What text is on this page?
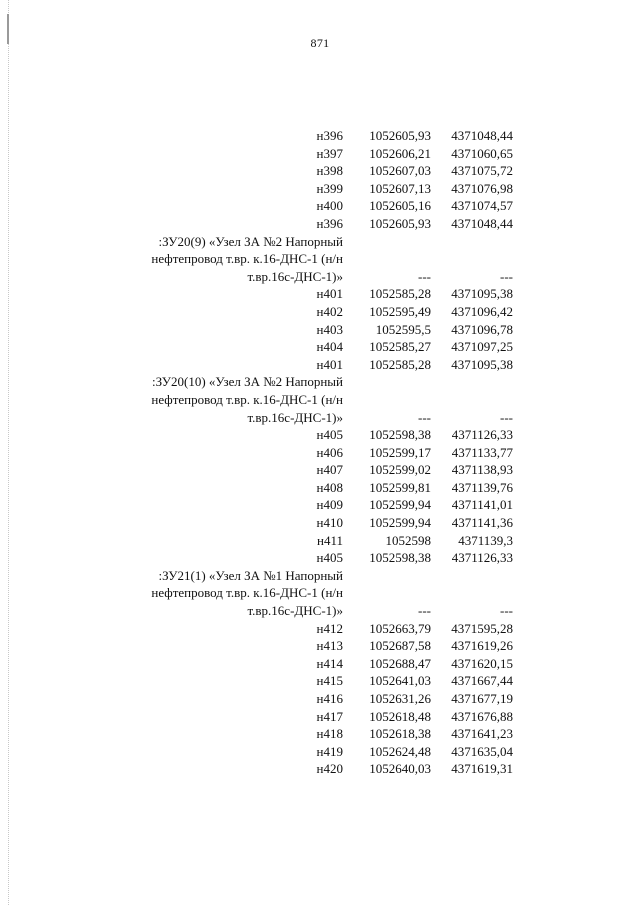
871
н396	1052605,93	4371048,44
н397	1052606,21	4371060,65
н398	1052607,03	4371075,72
н399	1052607,13	4371076,98
н400	1052605,16	4371074,57
н396	1052605,93	4371048,44
:ЗУ20(9) «Узел ЗА №2 Напорный
нефтепровод т.вр. к.16-ДНС-1 (н/н
т.вр.16с-ДНС-1)»	---	---
н401	1052585,28	4371095,38
н402	1052595,49	4371096,42
н403	1052595,5	4371096,78
н404	1052585,27	4371097,25
н401	1052585,28	4371095,38
:ЗУ20(10) «Узел ЗА №2 Напорный
нефтепровод т.вр. к.16-ДНС-1 (н/н
т.вр.16с-ДНС-1)»	---	---
н405	1052598,38	4371126,33
н406	1052599,17	4371133,77
н407	1052599,02	4371138,93
н408	1052599,81	4371139,76
н409	1052599,94	4371141,01
н410	1052599,94	4371141,36
н411	1052598	4371139,3
н405	1052598,38	4371126,33
:ЗУ21(1) «Узел ЗА №1 Напорный
нефтепровод т.вр. к.16-ДНС-1 (н/н
т.вр.16с-ДНС-1)»	---	---
н412	1052663,79	4371595,28
н413	1052687,58	4371619,26
н414	1052688,47	4371620,15
н415	1052641,03	4371667,44
н416	1052631,26	4371677,19
н417	1052618,48	4371676,88
н418	1052618,38	4371641,23
н419	1052624,48	4371635,04
н420	1052640,03	4371619,31
